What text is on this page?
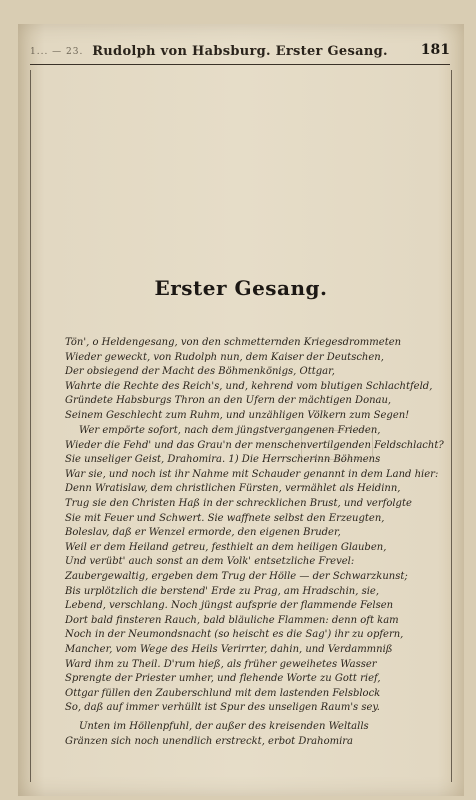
1... — 23. Rudolph von Habsburg. Erster Gesang.	181
Erster Gesang.
Tön', o Heldengesang, von den schmetternden Kriegesdrommeten
Wieder geweckt, von Rudolph nun, dem Kaiser der Deutschen,
Der obsiegend der Macht des Böhmenkönigs, Ottgar,
Wahrte die Rechte des Reich's, und, kehrend vom blutigen Schlachtfeld,
Gründete Habsburgs Thron an den Ufern der mächtigen Donau,
Seinem Geschlecht zum Ruhm, und unzähligen Völkern zum Segen!
Wer empörte sofort, nach dem jüngstvergangenen Frieden,
Wieder die Fehd' und das Grau'n der menschenvertilgenden Feldschlacht?
Sie unseliger Geist, Drahomira. 1) Die Herrscherinn Böhmens
War sie, und noch ist ihr Nahme mit Schauder genannt in dem Land hier:
Denn Wratislaw, dem christlichen Fürsten, vermählet als Heidinn,
Trug sie den Christen Haß in der schrecklichen Brust, und verfolgte
Sie mit Feuer und Schwert. Sie waffnete selbst den Erzeugten,
Boleslav, daß er Wenzel ermorde, den eigenen Bruder,
Weil er dem Heiland getreu, festhielt an dem heiligen Glauben,
Und verübt' auch sonst an dem Volk' entsetzliche Frevel:
Zaubergewaltig, ergeben dem Trug der Hölle — der Schwarzkunst;
Bis urplötzlich die berstend' Erde zu Prag, am Hradschin, sie,
Lebend, verschlang. Noch jüngst aufsprie der flammende Felsen
Dort bald finsteren Rauch, bald bläuliche Flammen: denn oft kam
Noch in der Neumondsnacht (so heischt es die Sag') ihr zu opfern,
Mancher, vom Wege des Heils Verirrter, dahin, und Verdammniß
Ward ihm zu Theil. D'rum hieß, als früher geweihetes Wasser
Sprengte der Priester umher, und flehende Worte zu Gott rief,
Ottgar füllen den Zauberschlund mit dem lastenden Felsblock
So, daß auf immer verhüllt ist Spur des unseligen Raum's sey.
Unten im Höllenpfuhl, der außer des kreisenden Weltalls
Gränzen sich noch unendlich erstreckt, erbot Drahomira
